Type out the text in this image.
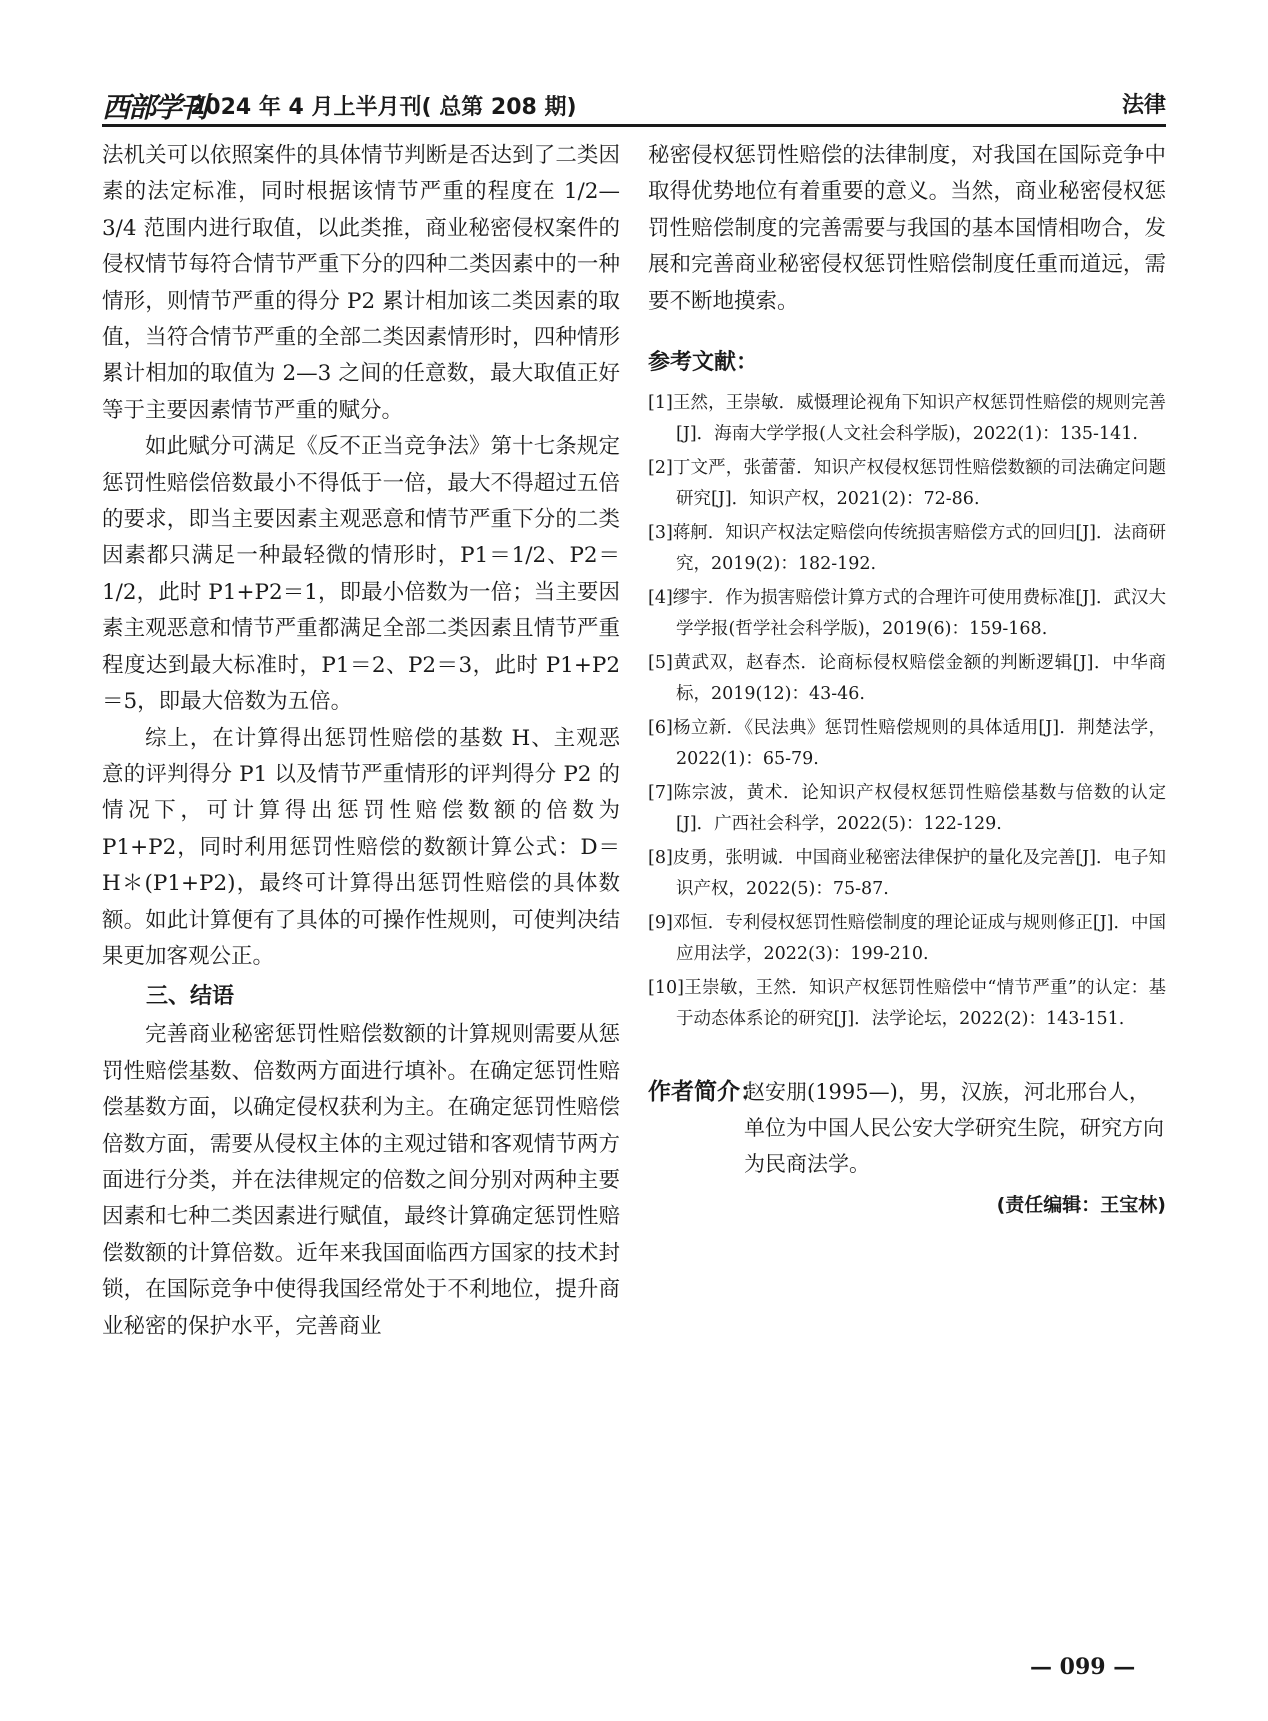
西部学刊
2024 年 4 月上半月刊( 总第 208 期)	法律

法机关可以依照案件的具体情节判断是否达到了二类因素的法定标准，同时根据该情节严重的程度在 1/2—3/4 范围内进行取值，以此类推，商业秘密侵权案件的侵权情节每符合情节严重下分的四种二类因素中的一种情形，则情节严重的得分 P2 累计相加该二类因素的取值，当符合情节严重的全部二类因素情形时，四种情形累计相加的取值为 2—3 之间的任意数，最大取值正好等于主要因素情节严重的赋分。

如此赋分可满足《反不正当竞争法》第十七条规定惩罚性赔偿倍数最小不得低于一倍，最大不得超过五倍的要求，即当主要因素主观恶意和情节严重下分的二类因素都只满足一种最轻微的情形时，P1＝1/2、P2＝1/2，此时 P1+P2＝1，即最小倍数为一倍；当主要因素主观恶意和情节严重都满足全部二类因素且情节严重程度达到最大标准时，P1＝2、P2＝3，此时 P1+P2＝5，即最大倍数为五倍。

综上，在计算得出惩罚性赔偿的基数 H、主观恶意的评判得分 P1 以及情节严重情形的评判得分 P2 的情况下，可计算得出惩罚性赔偿数额的倍数为 P1+P2，同时利用惩罚性赔偿的数额计算公式：D＝H＊(P1+P2)，最终可计算得出惩罚性赔偿的具体数额。如此计算便有了具体的可操作性规则，可使判决结果更加客观公正。

三、结语

完善商业秘密惩罚性赔偿数额的计算规则需要从惩罚性赔偿基数、倍数两方面进行填补。在确定惩罚性赔偿基数方面，以确定侵权获利为主。在确定惩罚性赔偿倍数方面，需要从侵权主体的主观过错和客观情节两方面进行分类，并在法律规定的倍数之间分别对两种主要因素和七种二类因素进行赋值，最终计算确定惩罚性赔偿数额的计算倍数。近年来我国面临西方国家的技术封锁，在国际竞争中使得我国经常处于不利地位，提升商业秘密的保护水平，完善商业

秘密侵权惩罚性赔偿的法律制度，对我国在国际竞争中取得优势地位有着重要的意义。当然，商业秘密侵权惩罚性赔偿制度的完善需要与我国的基本国情相吻合，发展和完善商业秘密侵权惩罚性赔偿制度任重而道远，需要不断地摸索。

参考文献：
[1]王然，王崇敏．威慑理论视角下知识产权惩罚性赔偿的规则完善[J]．海南大学学报(人文社会科学版)，2022(1)：135-141.
[2]丁文严，张蕾蕾．知识产权侵权惩罚性赔偿数额的司法确定问题研究[J]．知识产权，2021(2)：72-86.
[3]蒋舸．知识产权法定赔偿向传统损害赔偿方式的回归[J]．法商研究，2019(2)：182-192.
[4]缪宇．作为损害赔偿计算方式的合理许可使用费标准[J]．武汉大学学报(哲学社会科学版)，2019(6)：159-168.
[5]黄武双，赵春杰．论商标侵权赔偿金额的判断逻辑[J]．中华商标，2019(12)：43-46.
[6]杨立新．《民法典》惩罚性赔偿规则的具体适用[J]．荆楚法学，2022(1)：65-79.
[7]陈宗波，黄术．论知识产权侵权惩罚性赔偿基数与倍数的认定[J]．广西社会科学，2022(5)：122-129.
[8]皮勇，张明诚．中国商业秘密法律保护的量化及完善[J]．电子知识产权，2022(5)：75-87.
[9]邓恒．专利侵权惩罚性赔偿制度的理论证成与规则修正[J]．中国应用法学，2022(3)：199-210.
[10]王崇敏，王然．知识产权惩罚性赔偿中“情节严重”的认定：基于动态体系论的研究[J]．法学论坛，2022(2)：143-151.
作者简介：
赵安朋(1995—)，男，汉族，河北邢台人，单位为中国人民公安大学研究生院，研究方向为民商法学。
(责任编辑：王宝林)
— 099 —
